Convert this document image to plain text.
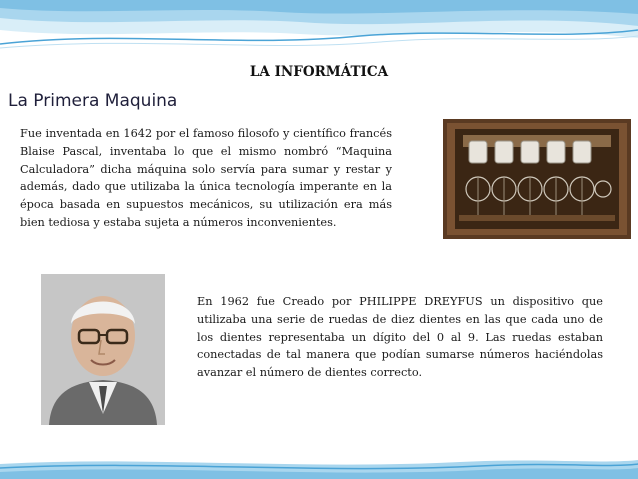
LA INFORMÁTICA
La Primera Maquina
Fue inventada en 1642 por el famoso filosofo y científico francés Blaise Pascal, inventaba lo que el mismo nombró “Maquina Calculadora” dicha máquina solo servía para sumar y restar y además, dado que utilizaba la única tecnología imperante en la época basada en supuestos mecánicos, su utilización era más bien tediosa y estaba sujeta a números inconvenientes.
En 1962 fue Creado por PHILIPPE DREYFUS un dispositivo que utilizaba una serie de ruedas de diez dientes en las que cada uno de los dientes representaba un dígito del 0 al 9. Las ruedas estaban conectadas de tal manera que podían sumarse números haciéndolas avanzar el número de dientes correcto.
